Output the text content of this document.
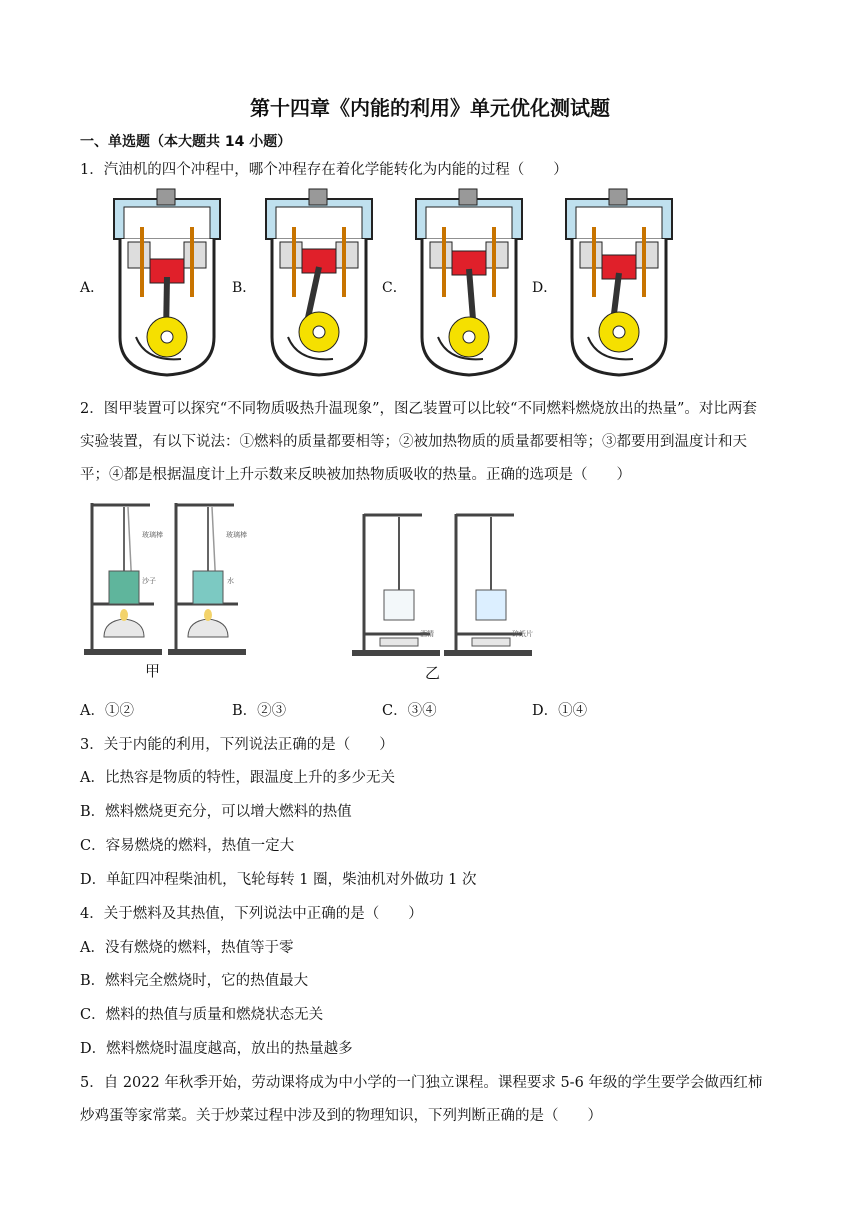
第十四章《内能的利用》单元优化测试题
一、单选题（本大题共 14 小题）
1．汽油机的四个冲程中，哪个冲程存在着化学能转化为内能的过程（　　）
A．	B．	C．	D．
2．图甲装置可以探究“不同物质吸热升温现象”，图乙装置可以比较“不同燃料燃烧放出的热量”。对比两套
实验装置，有以下说法：①燃料的质量都要相等；②被加热物质的质量都要相等；③都要用到温度计和天
平；④都是根据温度计上升示数来反映被加热物质吸收的热量。正确的选项是（　　）
玻璃棒
沙子
玻璃棒
水
甲
酒精	碎纸片
乙
A．①②	B．②③	C．③④	D．①④
3．关于内能的利用，下列说法正确的是（　　）
A．比热容是物质的特性，跟温度上升的多少无关
B．燃料燃烧更充分，可以增大燃料的热值
C．容易燃烧的燃料，热值一定大
D．单缸四冲程柴油机，飞轮每转 1 圈，柴油机对外做功 1 次
4．关于燃料及其热值，下列说法中正确的是（　　）
A．没有燃烧的燃料，热值等于零
B．燃料完全燃烧时，它的热值最大
C．燃料的热值与质量和燃烧状态无关
D．燃料燃烧时温度越高，放出的热量越多
5．自 2022 年秋季开始，劳动课将成为中小学的一门独立课程。课程要求 5-6 年级的学生要学会做西红柿
炒鸡蛋等家常菜。关于炒菜过程中涉及到的物理知识，下列判断正确的是（　　）
